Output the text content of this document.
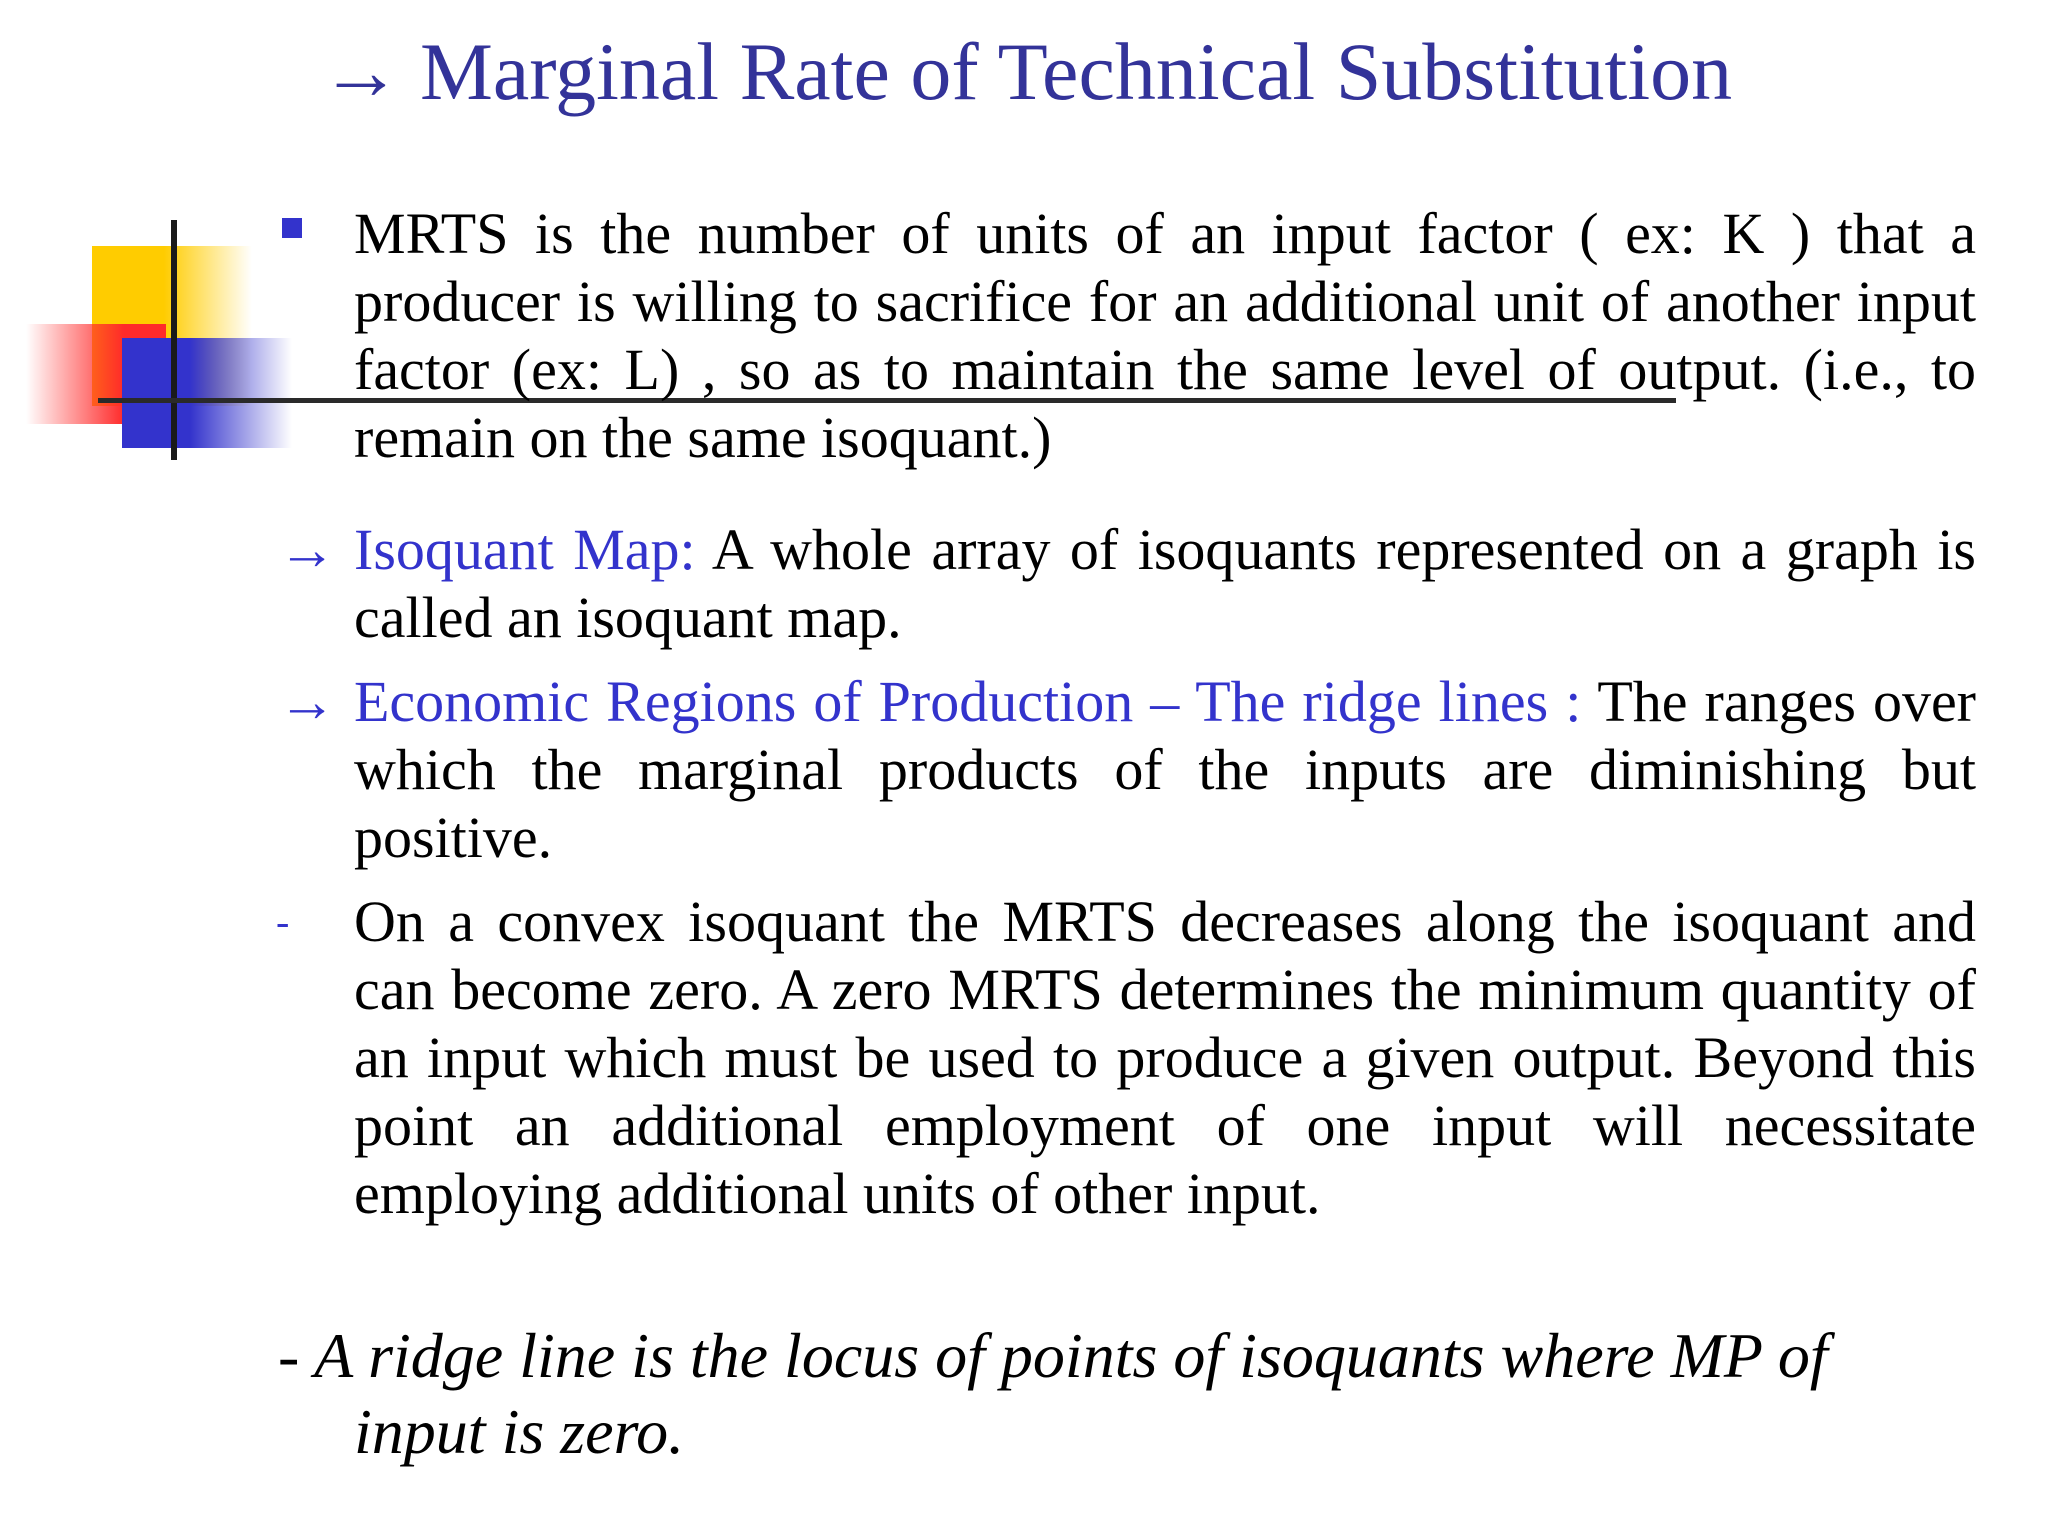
→ Marginal Rate of Technical Substitution
MRTS is the number of units of an input factor ( ex: K ) that a producer is willing to sacrifice for an additional unit of another input factor (ex: L) , so as to maintain the same level of output. (i.e., to remain on the same isoquant.)
→ Isoquant Map: A whole array of isoquants represented on a graph is called an isoquant map.
→ Economic Regions of Production – The ridge lines : The ranges over which the marginal products of the inputs are diminishing but positive.
- On a convex isoquant the MRTS decreases along the isoquant and can become zero. A zero MRTS determines the minimum quantity of an input which must be used to produce a given output. Beyond this point an additional employment of one input will necessitate employing additional units of other input.
- A ridge line is the locus of points of isoquants where MP of
input is zero.
